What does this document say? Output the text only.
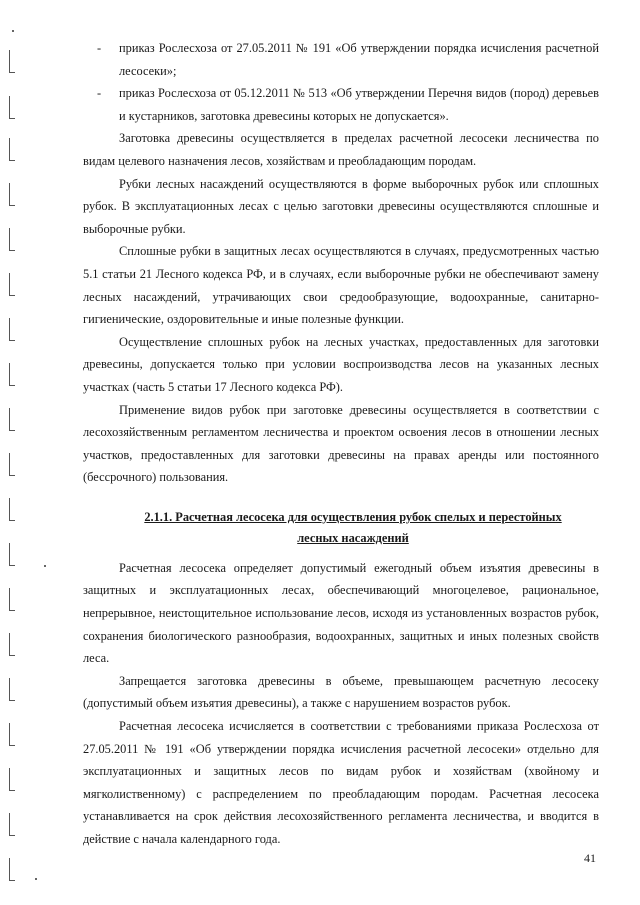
- приказ Рослесхоза от 27.05.2011 № 191 «Об утверждении порядка исчисления расчетной лесосеки»;

- приказ Рослесхоза от 05.12.2011 № 513 «Об утверждении Перечня видов (пород) деревьев и кустарников, заготовка древесины которых не допускается».

Заготовка древесины осуществляется в пределах расчетной лесосеки лесничества по видам целевого назначения лесов, хозяйствам и преобладающим породам.

Рубки лесных насаждений осуществляются в форме выборочных рубок или сплошных рубок. В эксплуатационных лесах с целью заготовки древесины осуществляются сплошные и выборочные рубки.

Сплошные рубки в защитных лесах осуществляются в случаях, предусмотренных частью 5.1 статьи 21 Лесного кодекса РФ, и в случаях, если выборочные рубки не обеспечивают замену лесных насаждений, утрачивающих свои средообразующие, водоохранные, санитарно-гигиенические, оздоровительные и иные полезные функции.

Осуществление сплошных рубок на лесных участках, предоставленных для заготовки древесины, допускается только при условии воспроизводства лесов на указанных лесных участках (часть 5 статьи 17 Лесного кодекса РФ).

Применение видов рубок при заготовке древесины осуществляется в соответствии с лесохозяйственным регламентом лесничества и проектом освоения лесов в отношении лесных участков, предоставленных для заготовки древесины на правах аренды или постоянного (бессрочного) пользования.

2.1.1. Расчетная лесосека для осуществления рубок спелых и перестойных
лесных насаждений

Расчетная лесосека определяет допустимый ежегодный объем изъятия древесины в защитных и эксплуатационных лесах, обеспечивающий многоцелевое, рациональное, непрерывное, неистощительное использование лесов, исходя из установленных возрастов рубок, сохранения биологического разнообразия, водоохранных, защитных и иных полезных свойств леса.

Запрещается заготовка древесины в объеме, превышающем расчетную лесосеку (допустимый объем изъятия древесины), а также с нарушением возрастов рубок.

Расчетная лесосека исчисляется в соответствии с требованиями приказа Рослесхоза от 27.05.2011 № 191 «Об утверждении порядка исчисления расчетной лесосеки» отдельно для эксплуатационных и защитных лесов по видам рубок и хозяйствам (хвойному и мягколиственному) с распределением по преобладающим породам. Расчетная лесосека устанавливается на срок действия лесохозяйственного регламента лесничества, и вводится в действие с начала календарного года.

41
